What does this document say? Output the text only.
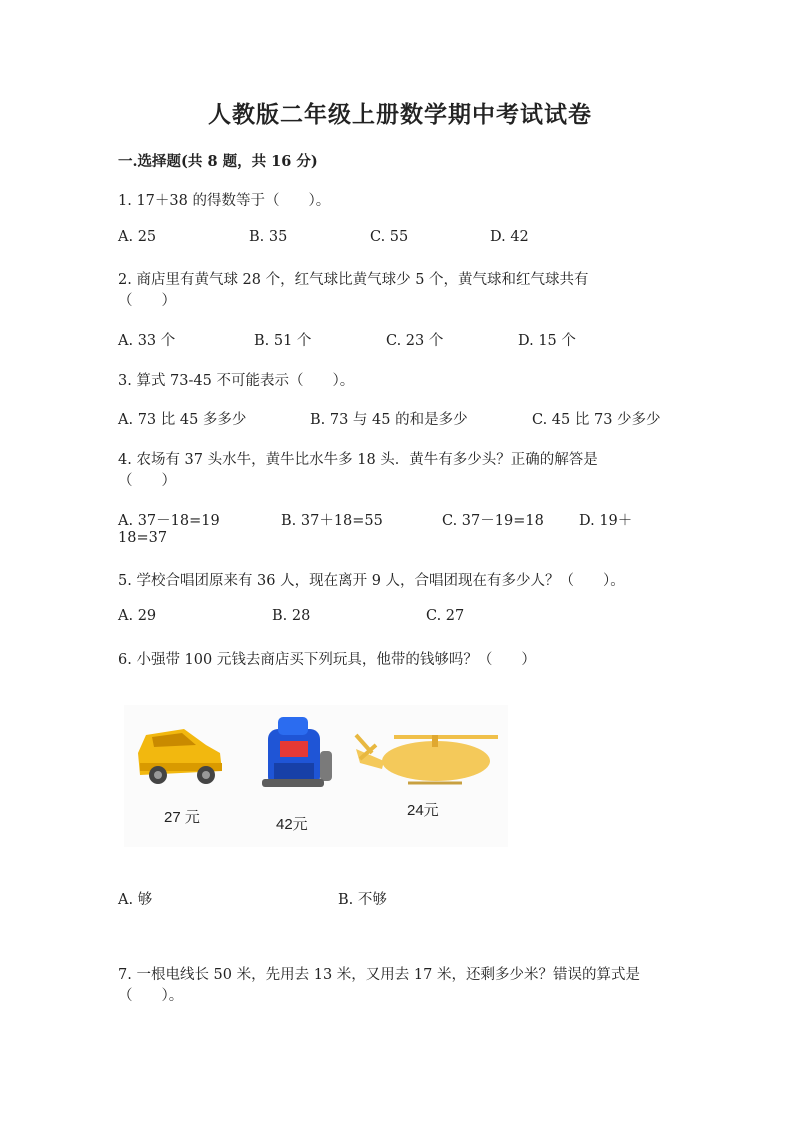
人教版二年级上册数学期中考试试卷
一.选择题(共 8 题，共 16 分)
1. 17＋38 的得数等于（　　）。
A. 25	B. 35	C. 55	D. 42
2. 商店里有黄气球 28 个，红气球比黄气球少 5 个，黄气球和红气球共有
（　　）
A. 33 个	B. 51 个	C. 23 个	D. 15 个
3. 算式 73-45 不可能表示（　　）。
A. 73 比 45 多多少	B. 73 与 45 的和是多少	C. 45 比 73 少多少
4. 农场有 37 头水牛，黄牛比水牛多 18 头．黄牛有多少头？正确的解答是
（　　）
A. 37－18=19	B. 37＋18=55	C. 37－19=18 D. 19＋
18=37
5. 学校合唱团原来有 36 人，现在离开 9 人，合唱团现在有多少人？（　　）。
A. 29	B. 28	C. 27
6. 小强带 100 元钱去商店买下列玩具，他带的钱够吗？（　　）
27 元	42元
24元
A. 够	B. 不够
7. 一根电线长 50 米，先用去 13 米，又用去 17 米，还剩多少米？错误的算式是
（　　）。
